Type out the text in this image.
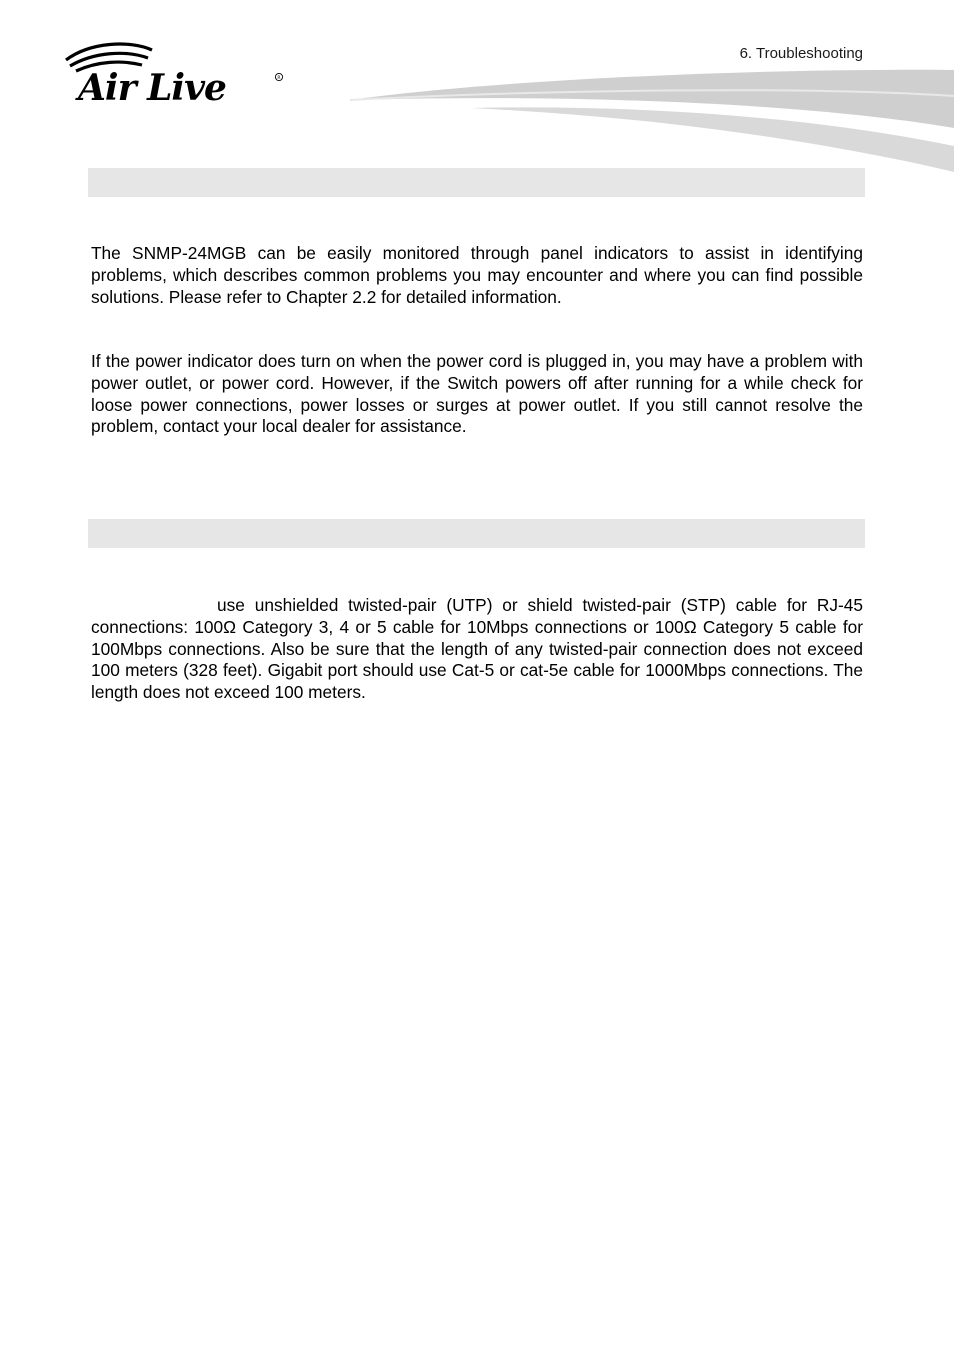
Air Live	R
6. Troubleshooting

The SNMP-24MGB can be easily monitored through panel indicators to assist in identifying problems, which describes common problems you may encounter and where you can find possible solutions. Please refer to Chapter 2.2 for detailed information.

If the power indicator does turn on when the power cord is plugged in, you may have a problem with power outlet, or power cord. However, if the Switch powers off after running for a while check for loose power connections, power losses or surges at power outlet. If you still cannot resolve the problem, contact your local dealer for assistance.

use unshielded twisted-pair (UTP) or shield twisted-pair (STP) cable for RJ-45 connections: 100Ω Category 3, 4 or 5 cable for 10Mbps connections or 100Ω Category 5 cable for 100Mbps connections. Also be sure that the length of any twisted-pair connection does not exceed 100 meters (328 feet). Gigabit port should use Cat-5 or cat-5e cable for 1000Mbps connections. The length does not exceed 100 meters.
